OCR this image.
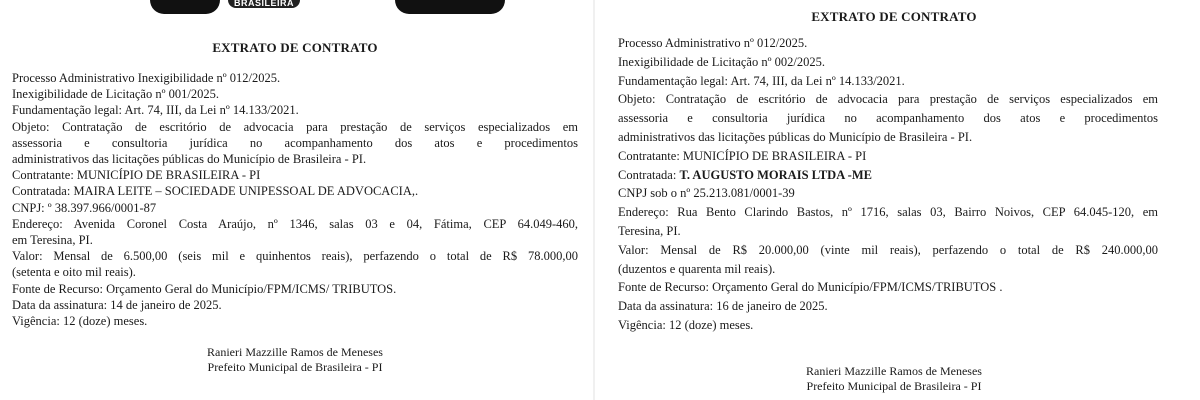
BRASILEIRA
EXTRATO DE CONTRATO

Processo Administrativo Inexigibilidade nº 012/2025.

Inexigibilidade de Licitação nº 001/2025.

Fundamentação legal: Art. 74, III, da Lei nº 14.133/2021.

Objeto: Contratação de escritório de advocacia para prestação de serviços especializados em

assessoria e consultoria jurídica no acompanhamento dos atos e procedimentos

administrativos das licitações públicas do Município de Brasileira - PI.

Contratante: MUNICÍPIO DE BRASILEIRA - PI

Contratada: MAIRA LEITE – SOCIEDADE UNIPESSOAL DE ADVOCACIA,.

CNPJ: º 38.397.966/0001-87

Endereço: Avenida Coronel Costa Araújo, nº 1346, salas 03 e 04, Fátima, CEP 64.049-460,

em Teresina, PI.

Valor: Mensal de 6.500,00 (seis mil e quinhentos reais), perfazendo o total de R$ 78.000,00

(setenta e oito mil reais).

Fonte de Recurso: Orçamento Geral do Município/FPM/ICMS/ TRIBUTOS.

Data da assinatura: 14 de janeiro de 2025.

Vigência: 12 (doze) meses.

Ranieri Mazzille Ramos de Meneses
Prefeito Municipal de Brasileira - PI
EXTRATO DE CONTRATO

Processo Administrativo nº 012/2025.

Inexigibilidade de Licitação nº 002/2025.

Fundamentação legal: Art. 74, III, da Lei nº 14.133/2021.

Objeto: Contratação de escritório de advocacia para prestação de serviços especializados em

assessoria e consultoria jurídica no acompanhamento dos atos e procedimentos

administrativos das licitações públicas do Município de Brasileira - PI.

Contratante: MUNICÍPIO DE BRASILEIRA - PI

Contratada: T. AUGUSTO MORAIS LTDA -ME

CNPJ sob o nº 25.213.081/0001-39

Endereço: Rua Bento Clarindo Bastos, nº 1716, salas 03, Bairro Noivos, CEP 64.045-120, em

Teresina, PI.

Valor: Mensal de R$ 20.000,00 (vinte mil reais), perfazendo o total de R$ 240.000,00

(duzentos e quarenta mil reais).

Fonte de Recurso: Orçamento Geral do Município/FPM/ICMS/TRIBUTOS .

Data da assinatura: 16 de janeiro de 2025.

Vigência: 12 (doze) meses.

Ranieri Mazzille Ramos de Meneses
Prefeito Municipal de Brasileira - PI
